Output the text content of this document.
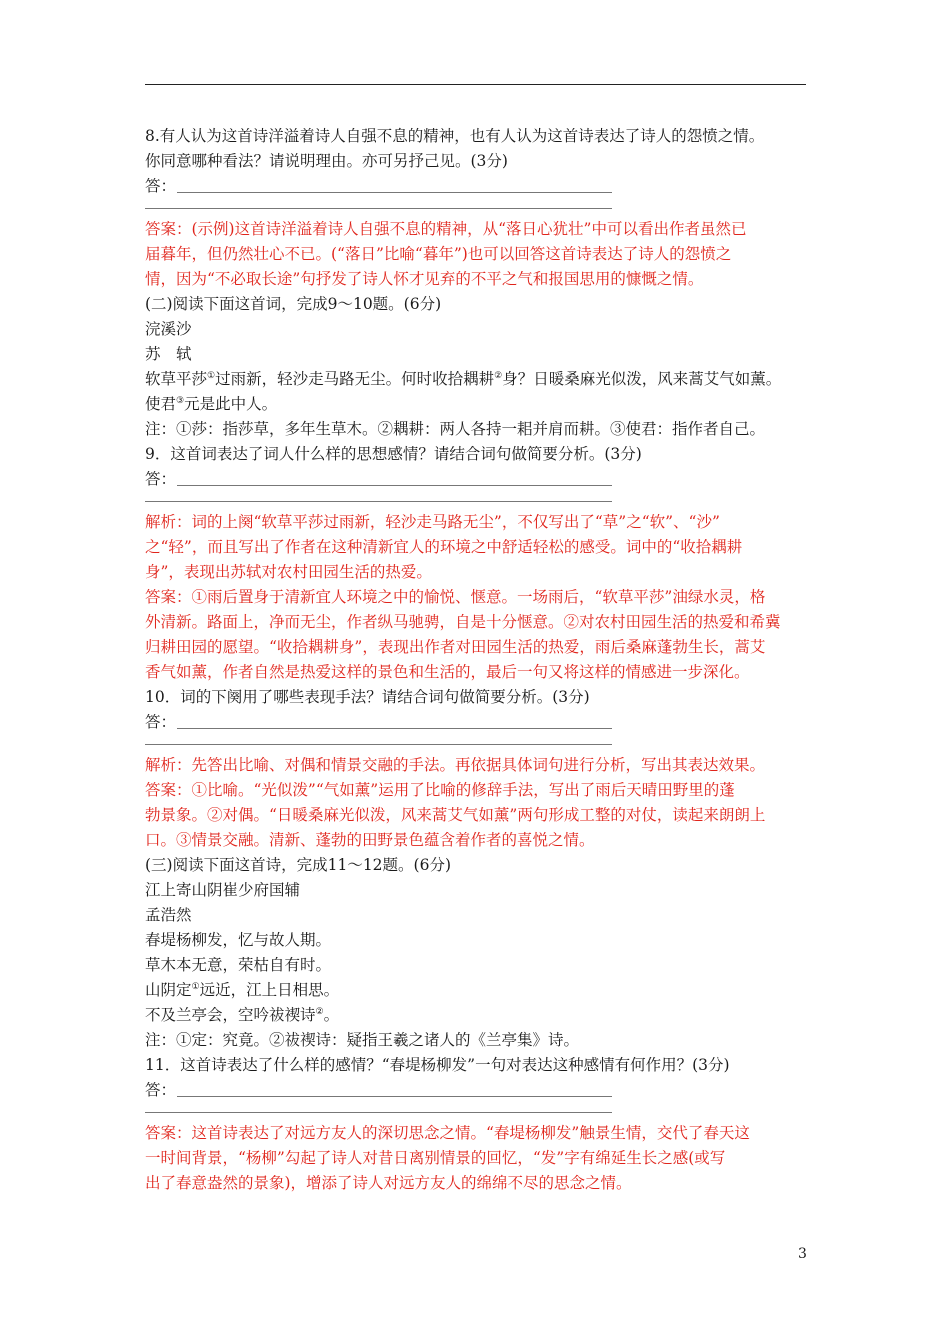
8.有人认为这首诗洋溢着诗人自强不息的精神，也有人认为这首诗表达了诗人的怨愤之情。
你同意哪种看法？请说明理由。亦可另抒己见。(3分)
答：
答案：(示例)这首诗洋溢着诗人自强不息的精神，从“落日心犹壮”中可以看出作者虽然已
届暮年，但仍然壮心不已。(“落日”比喻“暮年”)也可以回答这首诗表达了诗人的怨愤之
情，因为“不必取长途”句抒发了诗人怀才见弃的不平之气和报国思用的慷慨之情。
(二)阅读下面这首词，完成9～10题。(6分)
浣溪沙
苏　轼
软草平莎①过雨新，轻沙走马路无尘。何时收拾耦耕②身？日暖桑麻光似泼，风来蒿艾气如薰。
使君③元是此中人。
注：①莎：指莎草，多年生草木。②耦耕：两人各持一耜并肩而耕。③使君：指作者自己。
9．这首词表达了词人什么样的思想感情？请结合词句做简要分析。(3分)
答：
解析：词的上阕“软草平莎过雨新，轻沙走马路无尘”，不仅写出了“草”之“软”、“沙”
之“轻”，而且写出了作者在这种清新宜人的环境之中舒适轻松的感受。词中的“收拾耦耕
身”，表现出苏轼对农村田园生活的热爱。
答案：①雨后置身于清新宜人环境之中的愉悦、惬意。一场雨后，“软草平莎”油绿水灵，格
外清新。路面上，净而无尘，作者纵马驰骋，自是十分惬意。②对农村田园生活的热爱和希冀
归耕田园的愿望。“收拾耦耕身”，表现出作者对田园生活的热爱，雨后桑麻蓬勃生长，蒿艾
香气如薰，作者自然是热爱这样的景色和生活的，最后一句又将这样的情感进一步深化。
10．词的下阕用了哪些表现手法？请结合词句做简要分析。(3分)
答：
解析：先答出比喻、对偶和情景交融的手法。再依据具体词句进行分析，写出其表达效果。
答案：①比喻。“光似泼”“气如薰”运用了比喻的修辞手法，写出了雨后天晴田野里的蓬
勃景象。②对偶。“日暖桑麻光似泼，风来蒿艾气如薰”两句形成工整的对仗，读起来朗朗上
口。③情景交融。清新、蓬勃的田野景色蕴含着作者的喜悦之情。
(三)阅读下面这首诗，完成11～12题。(6分)
江上寄山阴崔少府国辅
孟浩然
春堤杨柳发，忆与故人期。
草木本无意，荣枯自有时。
山阴定①远近，江上日相思。
不及兰亭会，空吟祓禊诗②。
注：①定：究竟。②祓禊诗：疑指王羲之诸人的《兰亭集》诗。
11．这首诗表达了什么样的感情？“春堤杨柳发”一句对表达这种感情有何作用？(3分)
答：
答案：这首诗表达了对远方友人的深切思念之情。“春堤杨柳发”触景生情，交代了春天这
一时间背景，“杨柳”勾起了诗人对昔日离别情景的回忆，“发”字有绵延生长之感(或写
出了春意盎然的景象)，增添了诗人对远方友人的绵绵不尽的思念之情。
3
